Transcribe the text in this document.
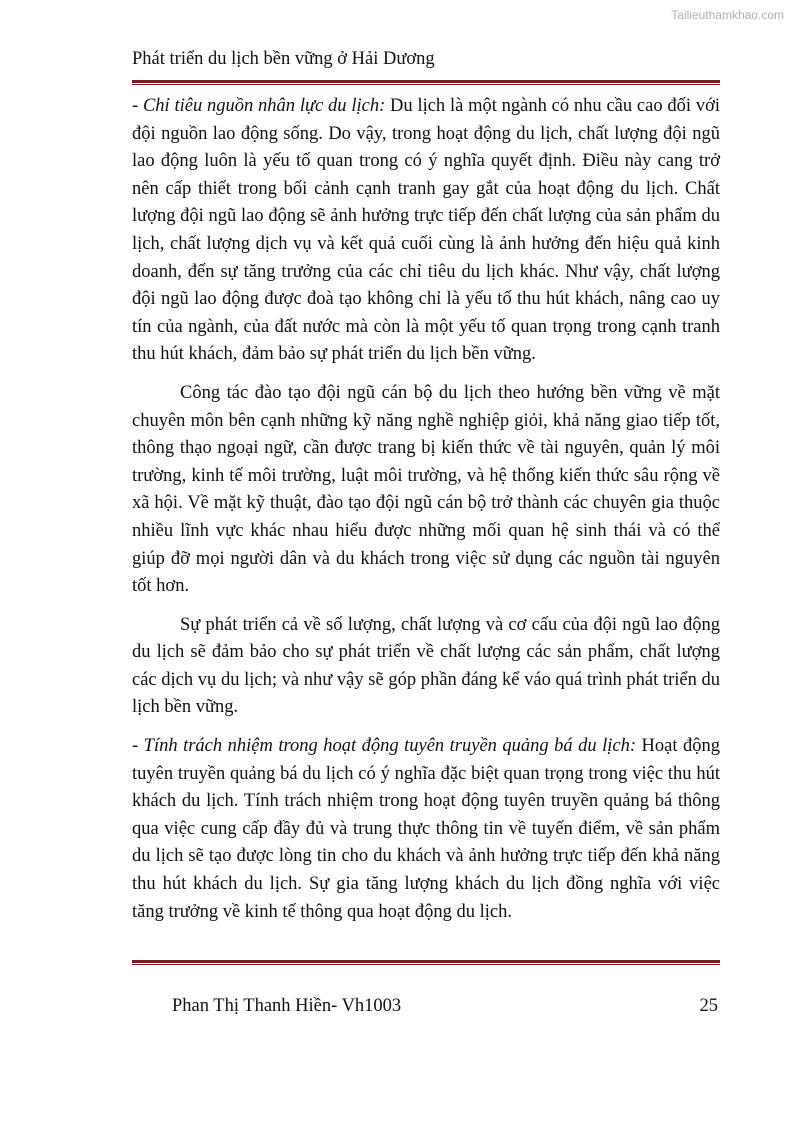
Tailieuthamkhao.com
Phát triển du lịch bền vững ở Hải Dương

- Chỉ tiêu nguồn nhân lực du lịch: Du lịch là một ngành có nhu cầu cao đối với đội nguồn lao động sống. Do vậy, trong hoạt động du lịch, chất lượng đội ngũ lao động luôn là yếu tố quan trong có ý nghĩa quyết định. Điều này cang trở nên cấp thiết trong bối cảnh cạnh tranh gay gắt của hoạt động du lịch. Chất lượng đội ngũ lao động sẽ ảnh hưởng trực tiếp đến chất lượng của sản phẩm du lịch, chất lượng dịch vụ và kết quả cuối cùng là ảnh hưởng đến hiệu quả kinh doanh, đến sự tăng trưởng của các chỉ tiêu du lịch khác. Như vậy, chất lượng đội ngũ lao động được đoà tạo không chỉ là yếu tố thu hút khách, nâng cao uy tín của ngành, của đất nước mà còn là một yếu tố quan trọng trong cạnh tranh thu hút khách, đảm bảo sự phát triển du lịch bền vững.

Công tác đào tạo đội ngũ cán bộ du lịch theo hướng bền vững về mặt chuyên môn bên cạnh những kỹ năng nghề nghiệp giỏi, khả năng giao tiếp tốt, thông thạo ngoại ngữ, cần được trang bị kiến thức về tài nguyên, quản lý môi trường, kinh tế môi trường, luật môi trường, và hệ thống kiến thức sâu rộng về xã hội. Về mặt kỹ thuật, đào tạo đội ngũ cán bộ trở thành các chuyên gia thuộc nhiều lĩnh vực khác nhau hiểu được những mối quan hệ sinh thái và có thể giúp đỡ mọi người dân và du khách trong việc sử dụng các nguồn tài nguyên tốt hơn.

Sự phát triển cả về số lượng, chất lượng và cơ cấu của đội ngũ lao động du lịch sẽ đảm bảo cho sự phát triển về chất lượng các sản phẩm, chất lượng các dịch vụ du lịch; và như vậy sẽ góp phần đáng kể váo quá trình phát triển du lịch bền vững.

- Tính trách nhiệm trong hoạt động tuyên truyền quảng bá du lịch: Hoạt động tuyên truyền quảng bá du lịch có ý nghĩa đặc biệt quan trọng trong việc thu hút khách du lịch. Tính trách nhiệm trong hoạt động tuyên truyền quảng bá thông qua việc cung cấp đầy đủ và trung thực thông tin về tuyến điểm, về sản phẩm du lịch sẽ tạo được lòng tin cho du khách và ảnh hưởng trực tiếp đến khả năng thu hút khách du lịch. Sự gia tăng lượng khách du lịch đồng nghĩa với việc tăng trưởng về kinh tế thông qua hoạt động du lịch.

Phan Thị Thanh Hiền- Vh1003	25
